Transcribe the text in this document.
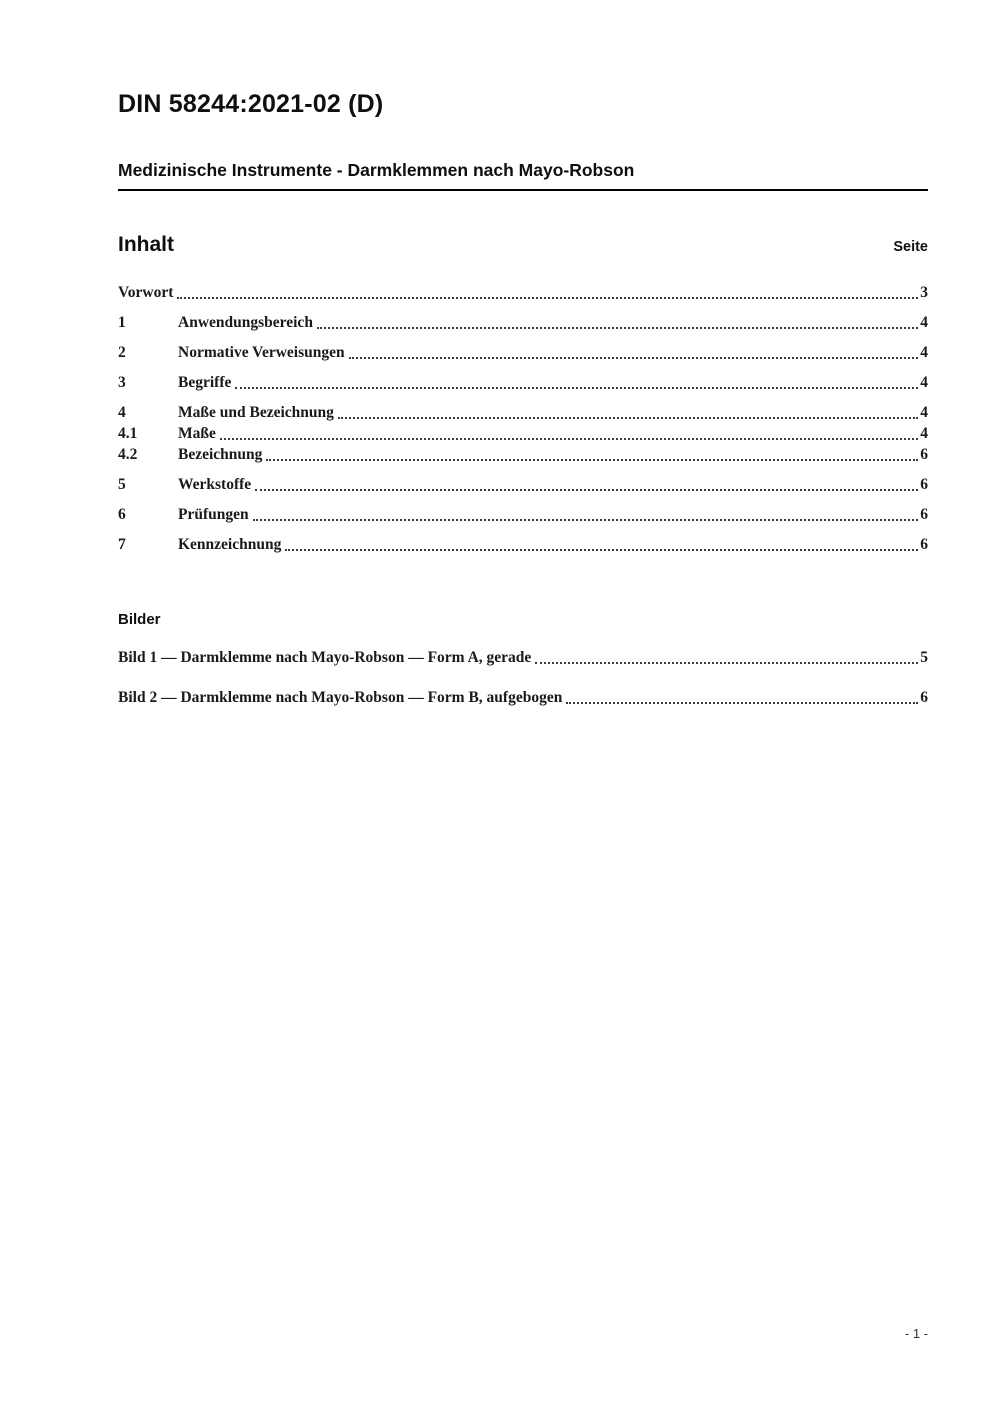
DIN 58244:2021-02 (D)
Medizinische Instrumente - Darmklemmen nach Mayo-Robson
Inhalt	Seite
Vorwort	3
1	Anwendungsbereich	4
2	Normative Verweisungen	4
3	Begriffe	4
4	Maße und Bezeichnung	4
4.1	Maße	4
4.2	Bezeichnung	6
5	Werkstoffe	6
6	Prüfungen	6
7	Kennzeichnung	6
Bilder
Bild 1 — Darmklemme nach Mayo-Robson — Form A, gerade	5
Bild 2 — Darmklemme nach Mayo-Robson — Form B, aufgebogen	6
- 1 -
